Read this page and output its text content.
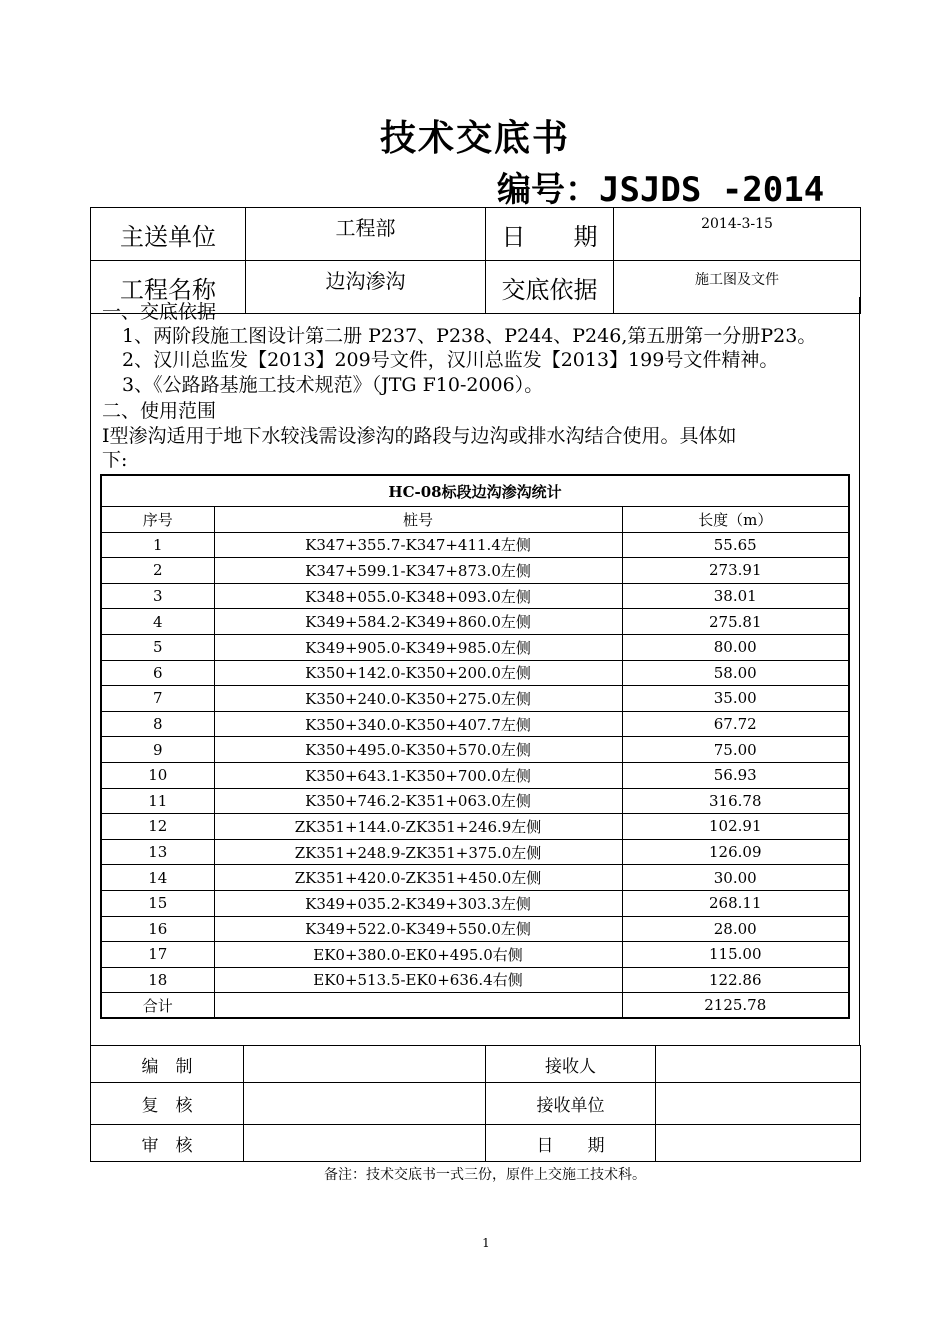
技术交底书
编号：JSJDS -2014
主送单位	工程部	日　　期	2014-3-15
工程名称	边沟渗沟	交底依据	施工图及文件
一、交底依据
1、两阶段施工图设计第二册 P237、P238、P244、P246,第五册第一分册P23。
2、汉川总监发【2013】209号文件，汉川总监发【2013】199号文件精神。
3、《公路路基施工技术规范》（JTG F10-2006）。
二、使用范围
I型渗沟适用于地下水较浅需设渗沟的路段与边沟或排水沟结合使用。具体如
下:
HC-08标段边沟渗沟统计		
序号	桩号	长度（m）
1	K347+355.7-K347+411.4左侧	55.65
2	K347+599.1-K347+873.0左侧	273.91
3	K348+055.0-K348+093.0左侧	38.01
4	K349+584.2-K349+860.0左侧	275.81
5	K349+905.0-K349+985.0左侧	80.00
6	K350+142.0-K350+200.0左侧	58.00
7	K350+240.0-K350+275.0左侧	35.00
8	K350+340.0-K350+407.7左侧	67.72
9	K350+495.0-K350+570.0左侧	75.00
10	K350+643.1-K350+700.0左侧	56.93
11	K350+746.2-K351+063.0左侧	316.78
12	ZK351+144.0-ZK351+246.9左侧	102.91
13	ZK351+248.9-ZK351+375.0左侧	126.09
14	ZK351+420.0-ZK351+450.0左侧	30.00
15	K349+035.2-K349+303.3左侧	268.11
16	K349+522.0-K349+550.0左侧	28.00
17	EK0+380.0-EK0+495.0右侧	115.00
18	EK0+513.5-EK0+636.4右侧	122.86
合计		2125.78
编　制		接收人	
复　核		接收单位	
审　核		日　　期	
备注：技术交底书一式三份，原件上交施工技术科。
1
